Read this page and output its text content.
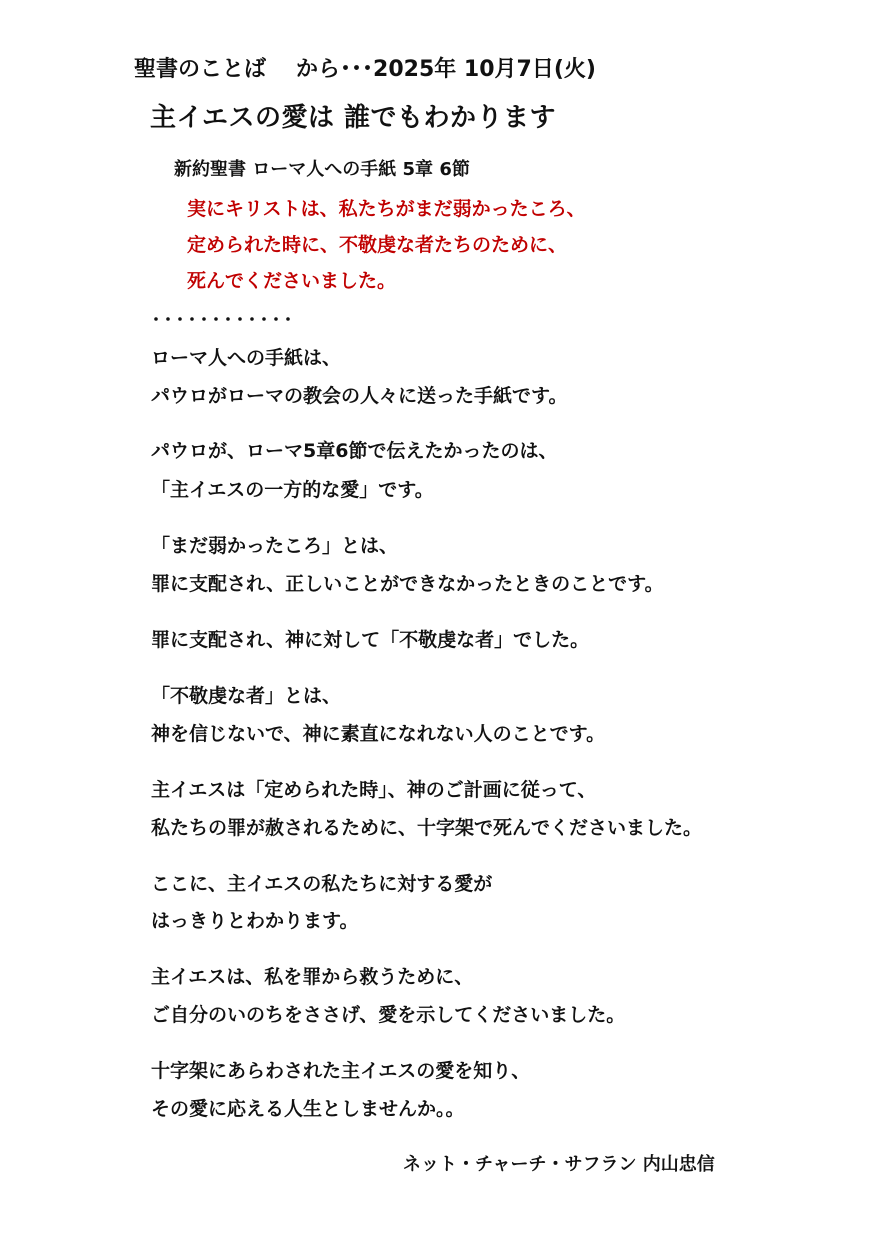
聖書のことば から･･･2025年 10月7日(火)
主イエスの愛は 誰でもわかります
新約聖書 ローマ人への手紙 5章 6節
実にキリストは、私たちがまだ弱かったころ、
定められた時に、不敬虔な者たちのために、
死んでくださいました。
････････････
ローマ人への手紙は、
パウロがローマの教会の人々に送った手紙です。
パウロが、ローマ5章6節で伝えたかったのは、
「主イエスの一方的な愛」です。
「まだ弱かったころ」とは、
罪に支配され、正しいことができなかったときのことです。
罪に支配され、神に対して「不敬虔な者」でした。
「不敬虔な者」とは、
神を信じないで、神に素直になれない人のことです。
主イエスは「定められた時」、神のご計画に従って、
私たちの罪が赦されるために、十字架で死んでくださいました。
ここに、主イエスの私たちに対する愛が
はっきりとわかります。
主イエスは、私を罪から救うために、
ご自分のいのちをささげ、愛を示してくださいました。
十字架にあらわされた主イエスの愛を知り、
その愛に応える人生としませんか。。
ネット・チャーチ・サフラン 内山忠信
